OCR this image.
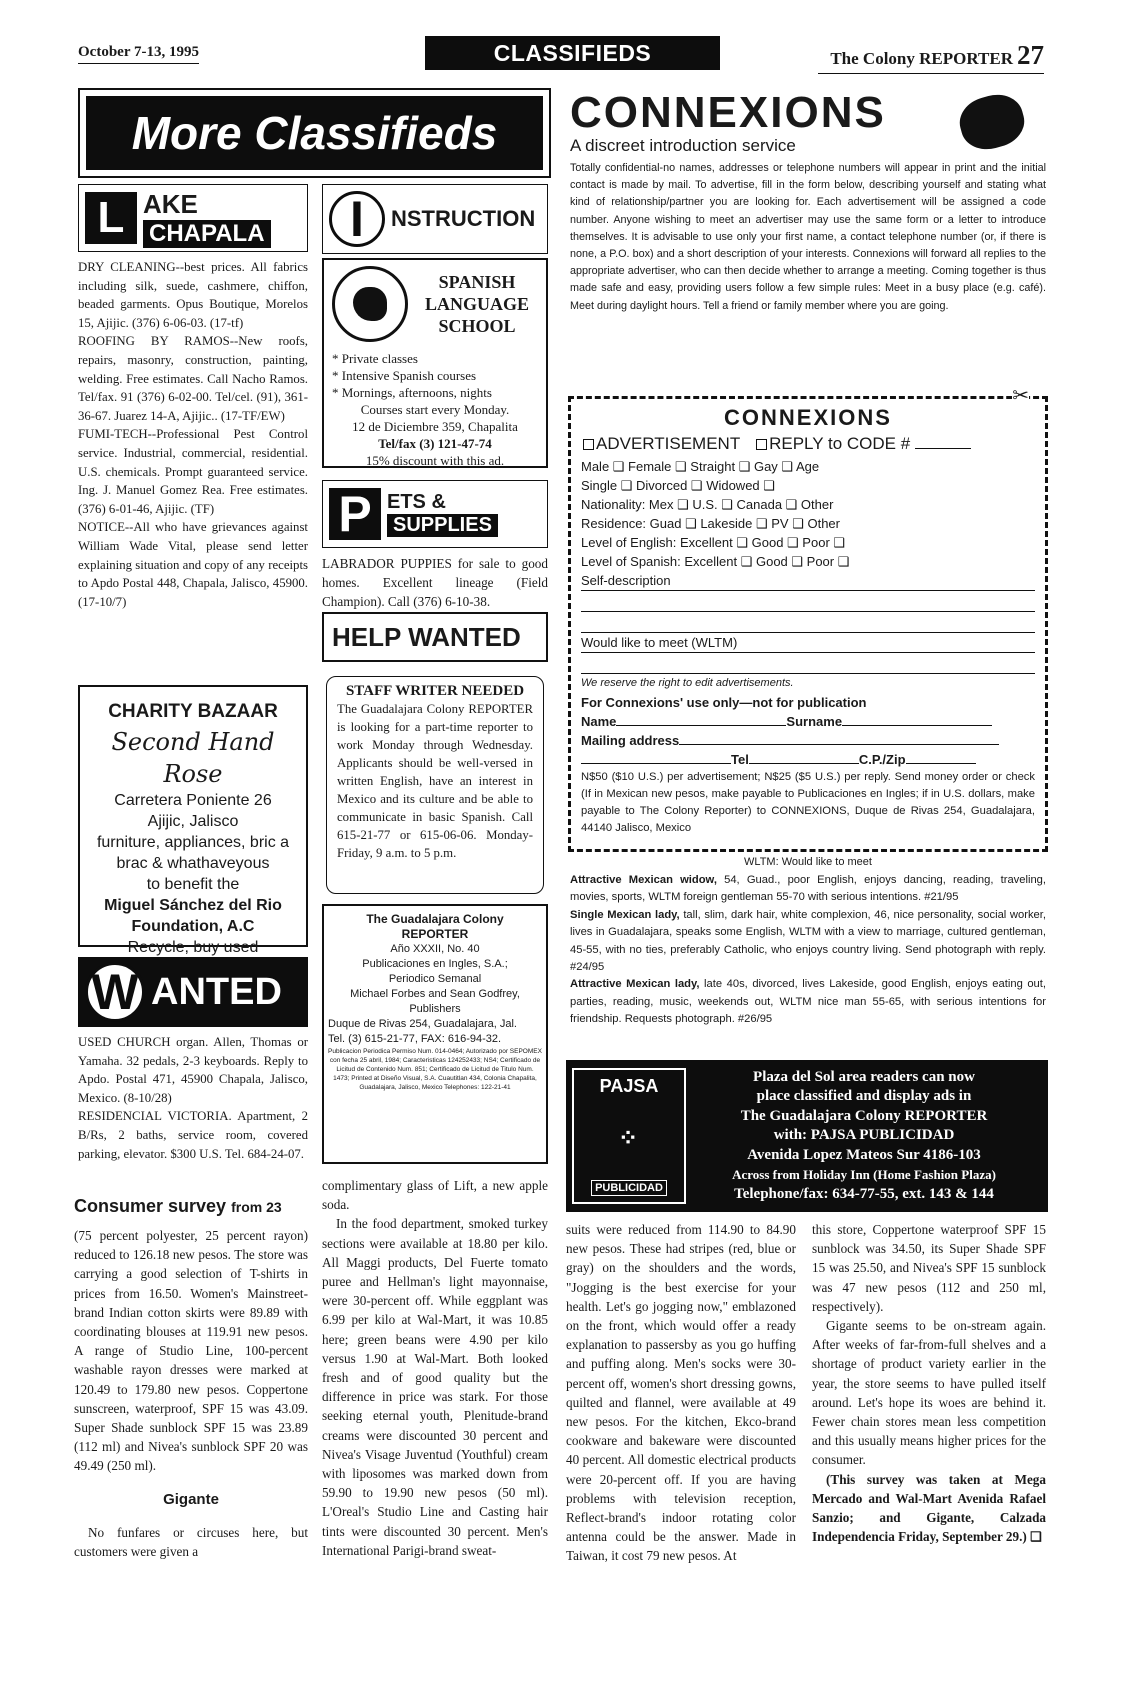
October 7-13, 1995	CLASSIFIEDS	The Colony REPORTER 27
More Classifieds
L AKE
CHAPALA

DRY CLEANING--best prices. All fabrics including silk, suede, cashmere, chiffon, beaded garments. Opus Boutique, Morelos 15, Ajijic. (376) 6-06-03. (17-tf)

ROOFING BY RAMOS--New roofs, repairs, masonry, construction, painting, welding. Free estimates. Call Nacho Ramos. Tel/fax. 91 (376) 6-02-00. Tel/cel. (91), 361-36-67. Juarez 14-A, Ajijic.. (17-TF/EW)

FUMI-TECH--Professional Pest Control service. Industrial, commercial, residential. U.S. chemicals. Prompt guaranteed service. Ing. J. Manuel Gomez Rea. Free estimates. (376) 6-01-46, Ajijic. (TF)

NOTICE--All who have grievances against William Wade Vital, please send letter explaining situation and copy of any receipts to Apdo Postal 448, Chapala, Jalisco, 45900. (17-10/7)

CHARITY BAZAAR
Second Hand Rose
Carretera Poniente 26
Ajijic, Jalisco
furniture, appliances, bric a
brac & whathaveyous
to benefit the
Miguel Sánchez del Rio
Foundation, A.C
Recycle, buy used
W ANTED

USED CHURCH organ. Allen, Thomas or Yamaha. 32 pedals, 2-3 keyboards. Reply to Apdo. Postal 471, 45900 Chapala, Jalisco, Mexico. (8-10/28)

RESIDENCIAL VICTORIA. Apartment, 2 B/Rs, 2 baths, service room, covered parking, elevator. $300 U.S. Tel. 684-24-07.

Consumer survey from 23

(75 percent polyester, 25 percent rayon) reduced to 126.18 new pesos. The store was carrying a good selection of T-shirts in prices from 16.50. Women's Mainstreet-brand Indian cotton skirts were 89.89 with coordinating blouses at 119.91 new pesos. A range of Studio Line, 100-percent washable rayon dresses were marked at 120.49 to 179.80 new pesos. Coppertone sunscreen, waterproof, SPF 15 was 43.09. Super Shade sunblock SPF 15 was 23.89 (112 ml) and Nivea's sunblock SPF 20 was 49.49 (250 ml).

Gigante

No funfares or circuses here, but customers were given a

I	NSTRUCTION
SPANISH
LANGUAGE
SCHOOL
* Private classes
* Intensive Spanish courses
* Mornings, afternoons, nights
Courses start every Monday.
12 de Diciembre 359, Chapalita
Tel/fax (3) 121-47-74
15% discount with this ad.
P ETS &
SUPPLIES
LABRADOR PUPPIES for sale to good homes. Excellent lineage (Field Champion). Call (376) 6-10-38.
HELP WANTED
STAFF WRITER NEEDED
The Guadalajara Colony REPORTER is looking for a part-time reporter to work Monday through Wednesday. Applicants should be well-versed in written English, have an interest in Mexico and its culture and be able to communicate in basic Spanish. Call 615-21-77 or 615-06-06. Monday-Friday, 9 a.m. to 5 p.m.
The Guadalajara Colony
REPORTER
Año XXXII, No. 40
Publicaciones en Ingles, S.A.;
Periodico Semanal
Michael Forbes and Sean Godfrey,
Publishers
Duque de Rivas 254, Guadalajara, Jal.
Tel. (3) 615-21-77, FAX: 616-94-32.
Publicacion Periodica Permiso Num. 014-0464; Autorizado por SEPOMEX con fecha 25 abril, 1984; Caracteristicas 124252433; NS4; Certificado de Licitud de Contenido Num. 851; Certificado de Licitud de Titulo Num. 1473; Printed at Diseño Visual, S.A. Cuautitlan 434, Colonia Chapalita, Guadalajara, Jalisco, Mexico Telephones: 122-21-41

complimentary glass of Lift, a new apple soda.

In the food department, smoked turkey sections were available at 18.80 per kilo. All Maggi products, Del Fuerte tomato puree and Hellman's light mayonnaise, were 30-percent off. While eggplant was 6.99 per kilo at Wal-Mart, it was 10.85 here; green beans were 4.90 per kilo versus 1.90 at Wal-Mart. Both looked fresh and of good quality but the difference in price was stark. For those seeking eternal youth, Plenitude-brand creams were discounted 30 percent and Nivea's Visage Juventud (Youthful) cream with liposomes was marked down from 59.90 to 19.90 new pesos (50 ml). L'Oreal's Studio Line and Casting hair tints were discounted 30 percent. Men's International Parigi-brand sweat-

CONNEXIONS
A discreet introduction service
Totally confidential-no names, addresses or telephone numbers will appear in print and the initial contact is made by mail. To advertise, fill in the form below, describing yourself and stating what kind of relationship/partner you are looking for. Each advertisement will be assigned a code number. Anyone wishing to meet an advertiser may use the same form or a letter to introduce themselves. It is advisable to use only your first name, a contact telephone number (or, if there is none, a P.O. box) and a short description of your interests. Connexions will forward all replies to the appropriate advertiser, who can then decide whether to arrange a meeting. Coming together is thus made safe and easy, providing users follow a few simple rules: Meet in a busy place (e.g. café). Meet during daylight hours. Tell a friend or family member where you are going.
✂
CONNEXIONS
ADVERTISEMENT REPLY to CODE #
Male ❑ Female ❑ Straight ❑ Gay ❑ Age
Single ❑ Divorced ❑ Widowed ❑
Nationality: Mex ❑ U.S. ❑ Canada ❑ Other
Residence: Guad ❑ Lakeside ❑ PV ❑ Other
Level of English: Excellent ❑ Good ❑ Poor ❑
Level of Spanish: Excellent ❑ Good ❑ Poor ❑
Self-description
Would like to meet (WLTM)
We reserve the right to edit advertisements.
For Connexions' use only—not for publication
Name	Surname
Mailing address
Tel	C.P./Zip
N$50 ($10 U.S.) per advertisement; N$25 ($5 U.S.) per reply. Send money order or check (If in Mexican new pesos, make payable to Publicaciones en Ingles; if in U.S. dollars, make payable to The Colony Reporter) to CONNEXIONS, Duque de Rivas 254, Guadalajara, 44140 Jalisco, Mexico
WLTM: Would like to meet
Attractive Mexican widow, 54, Guad., poor English, enjoys dancing, reading, traveling, movies, sports, WLTM foreign gentleman 55-70 with serious intentions. #21/95
Single Mexican lady, tall, slim, dark hair, white complexion, 46, nice personality, social worker, lives in Guadalajara, speaks some English, WLTM with a view to marriage, cultured gentleman, 45-55, with no ties, preferably Catholic, who enjoys country living. Send photograph with reply. #24/95
Attractive Mexican lady, late 40s, divorced, lives Lakeside, good English, enjoys eating out, parties, reading, music, weekends out, WLTM nice man 55-65, with serious intentions for friendship. Requests photograph. #26/95
PAJSA
⁘
PUBLICIDAD
Plaza del Sol area readers can now
place classified and display ads in
The Guadalajara Colony REPORTER
with: PAJSA PUBLICIDAD
Avenida Lopez Mateos Sur 4186-103
Across from Holiday Inn (Home Fashion Plaza)
Telephone/fax: 634-77-55, ext. 143 & 144

suits were reduced from 114.90 to 84.90 new pesos. These had stripes (red, blue or gray) on the shoulders and the words, "Jogging is the best exercise for your health. Let's go jogging now," emblazoned on the front, which would offer a ready explanation to passersby as you go huffing and puffing along. Men's socks were 30-percent off, women's short dressing gowns, quilted and flannel, were available at 49 new pesos. For the kitchen, Ekco-brand cookware and bakeware were discounted 40 percent. All domestic electrical products were 20-percent off. If you are having problems with television reception, Reflect-brand's indoor rotating color antenna could be the answer. Made in Taiwan, it cost 79 new pesos. At

this store, Coppertone waterproof SPF 15 sunblock was 34.50, its Super Shade SPF 15 was 25.50, and Nivea's SPF 15 sunblock was 47 new pesos (112 and 250 ml, respectively).

Gigante seems to be on-stream again. After weeks of far-from-full shelves and a shortage of product variety earlier in the year, the store seems to have pulled itself around. Let's hope its woes are behind it. Fewer chain stores mean less competition and this usually means higher prices for the consumer.

(This survey was taken at Mega Mercado and Wal-Mart Avenida Rafael Sanzio; and Gigante, Calzada Independencia Friday, September 29.) ❑
